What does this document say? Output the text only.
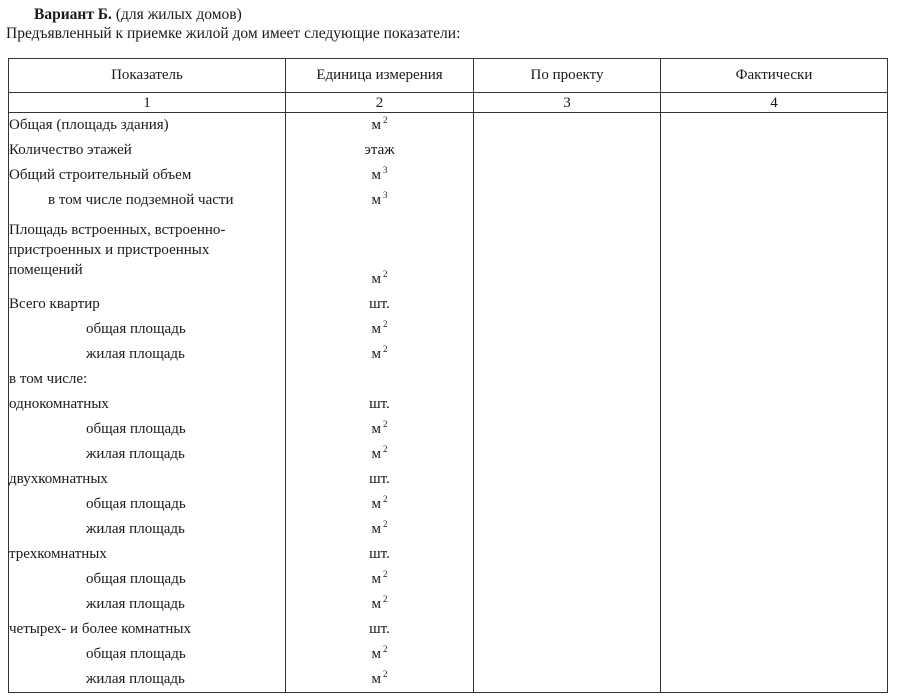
Вариант Б. (для жилых домов)
Предъявленный к приемке жилой дом имеет следующие показатели:
Показатель	Единица измерения	По проекту	Фактически
1	2	3	4
Общая (площадь здания)	м $^2$		
Количество этажей	этаж		
Общий строительный объем	м $^3$		
в том числе подземной части	м $^3$		
Площадь встроенных, встроенно-пристроенных и пристроенных помещений	м $^2$		
Всего квартир	шт.		
общая площадь	м $^2$		
жилая площадь	м $^2$		
в том числе:			
однокомнатных	шт.		
общая площадь	м $^2$		
жилая площадь	м $^2$		
двухкомнатных	шт.		
общая площадь	м $^2$		
жилая площадь	м $^2$		
трехкомнатных	шт.		
общая площадь	м $^2$		
жилая площадь	м $^2$		
четырех- и более комнатных	шт.		
общая площадь	м $^2$		
жилая площадь	м $^2$		
